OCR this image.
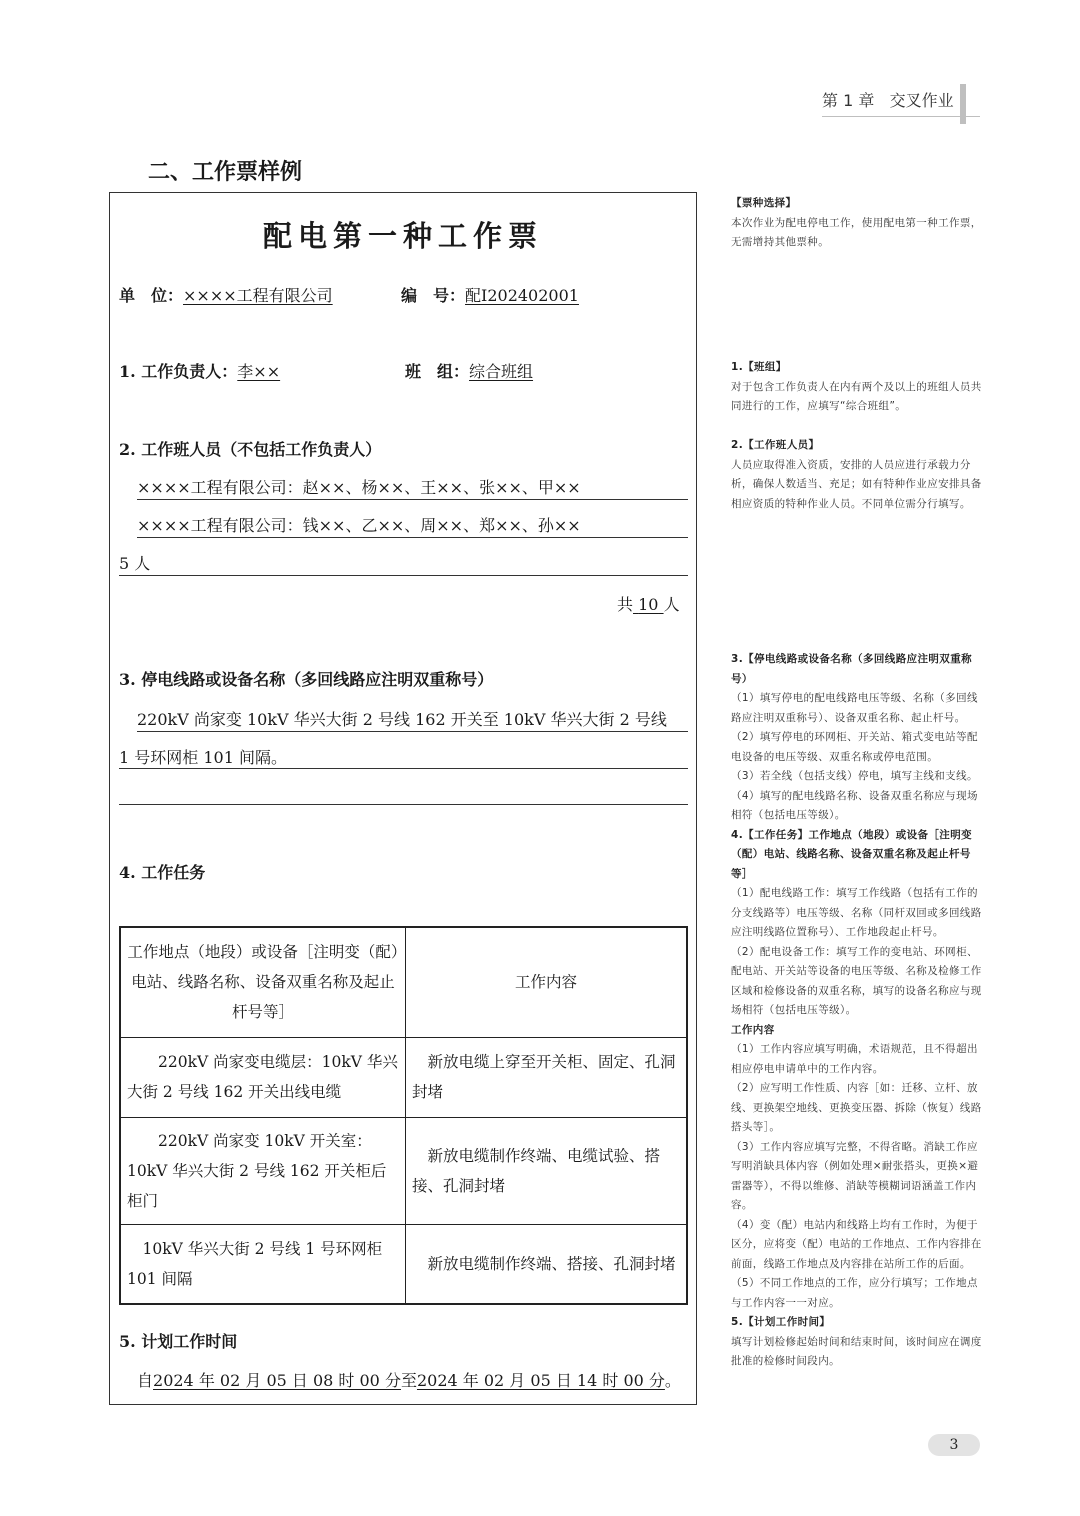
第 1 章 交叉作业
二、工作票样例
配电第一种工作票
单　位：××××工程有限公司	编　号：配Ⅰ202402001
1. 工作负责人：李××	班　组：综合班组
2. 工作班人员（不包括工作负责人）
××××工程有限公司：赵××、杨××、王××、张××、甲××
××××工程有限公司：钱××、乙××、周××、郑××、孙××
5 人
共 10 人
3. 停电线路或设备名称（多回线路应注明双重称号）
220kV 尚家变 10kV 华兴大街 2 号线 162 开关至 10kV 华兴大街 2 号线
1 号环网柜 101 间隔。
4. 工作任务
工作地点（地段）或设备［注明变（配）电站、线路名称、设备双重名称及起止杆号等］	工作内容
220kV 尚家变电缆层：10kV 华兴大街 2 号线 162 开关出线电缆	新放电缆上穿至开关柜、固定、孔洞封堵
220kV 尚家变 10kV 开关室：10kV 华兴大街 2 号线 162 开关柜后柜门	新放电缆制作终端、电缆试验、搭接、孔洞封堵
10kV 华兴大街 2 号线 1 号环网柜 101 间隔	新放电缆制作终端、搭接、孔洞封堵
5. 计划工作时间
自2024 年 02 月 05 日 08 时 00 分至2024 年 02 月 05 日 14 时 00 分。
【票种选择】
本次作业为配电停电工作，使用配电第一种工作票，无需增持其他票种。
1.【班组】
对于包含工作负责人在内有两个及以上的班组人员共同进行的工作，应填写“综合班组”。
2.【工作班人员】
人员应取得准入资质，安排的人员应进行承载力分析，确保人数适当、充足；如有特种作业应安排具备相应资质的特种作业人员。不同单位需分行填写。
3.【停电线路或设备名称（多回线路应注明双重称号）
（1）填写停电的配电线路电压等级、名称（多回线路应注明双重称号）、设备双重名称、起止杆号。
（2）填写停电的环网柜、开关站、箱式变电站等配电设备的电压等级、双重名称或停电范围。
（3）若全线（包括支线）停电，填写主线和支线。
（4）填写的配电线路名称、设备双重名称应与现场相符（包括电压等级）。
4.【工作任务】工作地点（地段）或设备［注明变（配）电站、线路名称、设备双重名称及起止杆号等］
（1）配电线路工作：填写工作线路（包括有工作的分支线路等）电压等级、名称（同杆双回或多回线路应注明线路位置称号）、工作地段起止杆号。
（2）配电设备工作：填写工作的变电站、环网柜、配电站、开关站等设备的电压等级、名称及检修工作区域和检修设备的双重名称，填写的设备名称应与现场相符（包括电压等级）。
工作内容
（1）工作内容应填写明确，术语规范，且不得超出相应停电申请单中的工作内容。
（2）应写明工作性质、内容［如：迁移、立杆、放线、更换架空地线、更换变压器、拆除（恢复）线路搭头等］。
（3）工作内容应填写完整，不得省略。消缺工作应写明消缺具体内容（例如处理×耐张搭头，更换×避雷器等），不得以维修、消缺等模糊词语涵盖工作内容。
（4）变（配）电站内和线路上均有工作时，为便于区分，应将变（配）电站的工作地点、工作内容排在前面，线路工作地点及内容排在站所工作的后面。
（5）不同工作地点的工作，应分行填写；工作地点与工作内容一一对应。
5.【计划工作时间】
填写计划检修起始时间和结束时间，该时间应在调度批准的检修时间段内。
3
